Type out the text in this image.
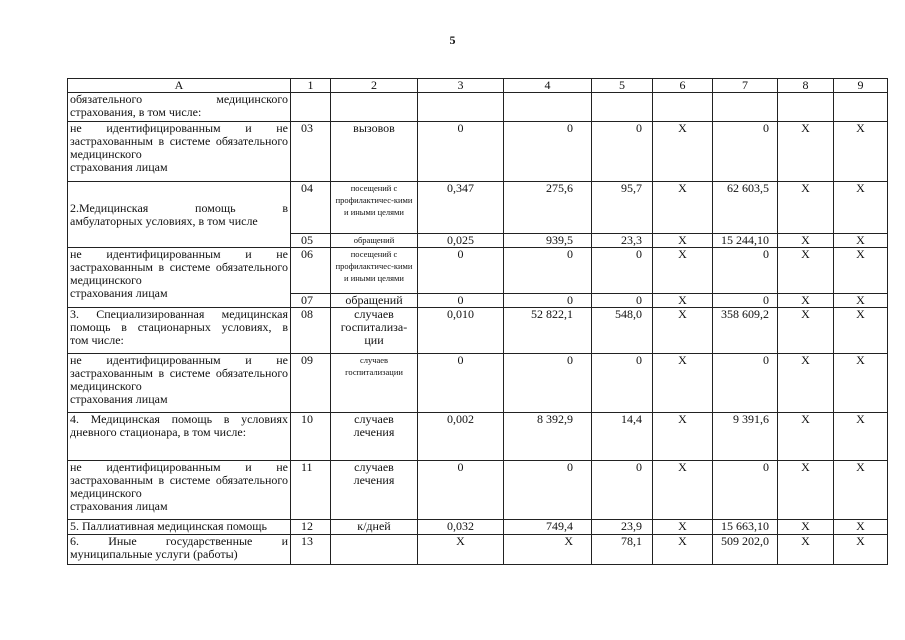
5
А	1	2	3	4	5	6	7	8	9

обязательного медицинского
страхования, в том числе:									

не идентифицированным и не
застрахованным в системе обязательного медицинского
страхования лицам	03	вызовов	0	0	0	Х	0	Х	Х

2.Медицинская помощь в
амбулаторных условиях, в том числе	04	посещений с профилактичес-кими и иными целями	0,347	275,6	95,7	Х	62 603,5	Х	Х
	05	обращений	0,025	939,5	23,3	Х	15 244,10	Х	Х

не идентифицированным и не
застрахованным в системе обязательного медицинского
страхования лицам	06	посещений с профилактичес-кими и иными целями	0	0	0	Х	0	Х	Х
	07	обращений	0	0	0	Х	0	Х	Х

3. Специализированная медицинская помощь в стационарных условиях, в
том числе:	08	случаев госпитализа-ции	0,010	52 822,1	548,0	Х	358 609,2	Х	Х

не идентифицированным и не
застрахованным в системе обязательного медицинского
страхования лицам	09	случаев госпитализации	0	0	0	Х	0	Х	Х

4. Медицинская помощь в условиях
дневного стационара, в том числе:	10	случаев лечения	0,002	8 392,9	14,4	Х	9 391,6	Х	Х

не идентифицированным и не
застрахованным в системе обязательного медицинского
страхования лицам	11	случаев лечения	0	0	0	Х	0	Х	Х

5. Паллиативная медицинская помощь	12	к/дней	0,032	749,4	23,9	Х	15 663,10	Х	Х

6. Иные государственные и
муниципальные услуги (работы)	13		Х	Х	78,1	Х	509 202,0	Х	Х
